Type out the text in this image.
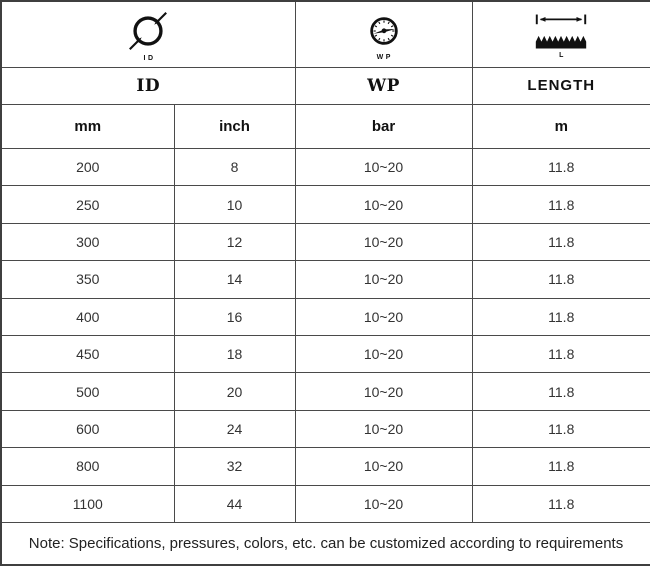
ID		WP	L

ID		WP	LENGTH
mm	inch	bar	m
200	8	10~20	11.8
250	10	10~20	11.8
300	12	10~20	11.8
350	14	10~20	11.8
400	16	10~20	11.8
450	18	10~20	11.8
500	20	10~20	11.8
600	24	10~20	11.8
800	32	10~20	11.8
1100	44	10~20	11.8
Note: Specifications, pressures, colors, etc. can be customized according to requirements			
